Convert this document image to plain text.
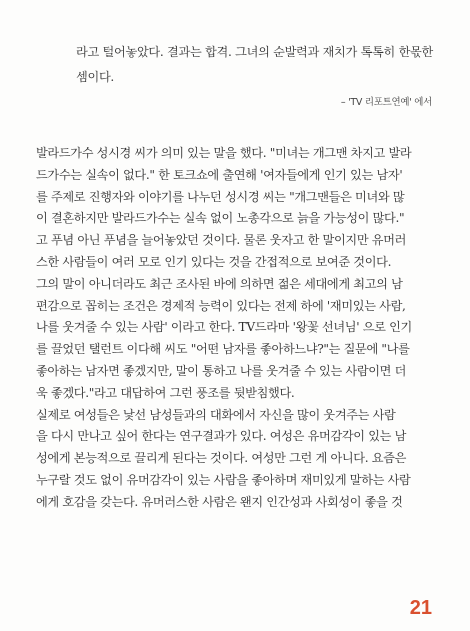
라고 털어놓았다. 결과는 합격. 그녀의 순발력과 재치가 톡톡히 한몫한

셈이다.

– 'TV 리포트연예' 에서
발라드가수 성시경 씨가 의미 있는 말을 했다. "미녀는 개그맨 차지고 발라
드가수는 실속이 없다." 한 토크쇼에 출연해 '여자들에게 인기 있는 남자'
를 주제로 진행자와 이야기를 나누던 성시경 씨는 "개그맨들은 미녀와 많
이 결혼하지만 발라드가수는 실속 없이 노총각으로 늙을 가능성이 많다."
고 푸념 아닌 푸념을 늘어놓았던 것이다. 물론 웃자고 한 말이지만 유머러
스한 사람들이 여러 모로 인기 있다는 것을 간접적으로 보여준 것이다.
그의 말이 아니더라도 최근 조사된 바에 의하면 젊은 세대에게 최고의 남
편감으로 꼽히는 조건은 경제적 능력이 있다는 전제 하에 '재미있는 사람,
나를 웃겨줄 수 있는 사람' 이라고 한다. TV드라마 '왕꽃 선녀님' 으로 인기
를 끌었던 탤런트 이다해 씨도 "어떤 남자를 좋아하느냐?"는 질문에 "나를
좋아하는 남자면 좋겠지만, 말이 통하고 나를 웃겨줄 수 있는 사람이면 더
욱 좋겠다."라고 대답하여 그런 풍조를 뒷받침했다.
실제로 여성들은 낯선 남성들과의 대화에서 자신을 많이 웃겨주는 사람
을 다시 만나고 싶어 한다는 연구결과가 있다. 여성은 유머감각이 있는 남
성에게 본능적으로 끌리게 된다는 것이다. 여성만 그런 게 아니다. 요즘은
누구랄 것도 없이 유머감각이 있는 사람을 좋아하며 재미있게 말하는 사람
에게 호감을 갖는다. 유머러스한 사람은 왠지 인간성과 사회성이 좋을 것
21
